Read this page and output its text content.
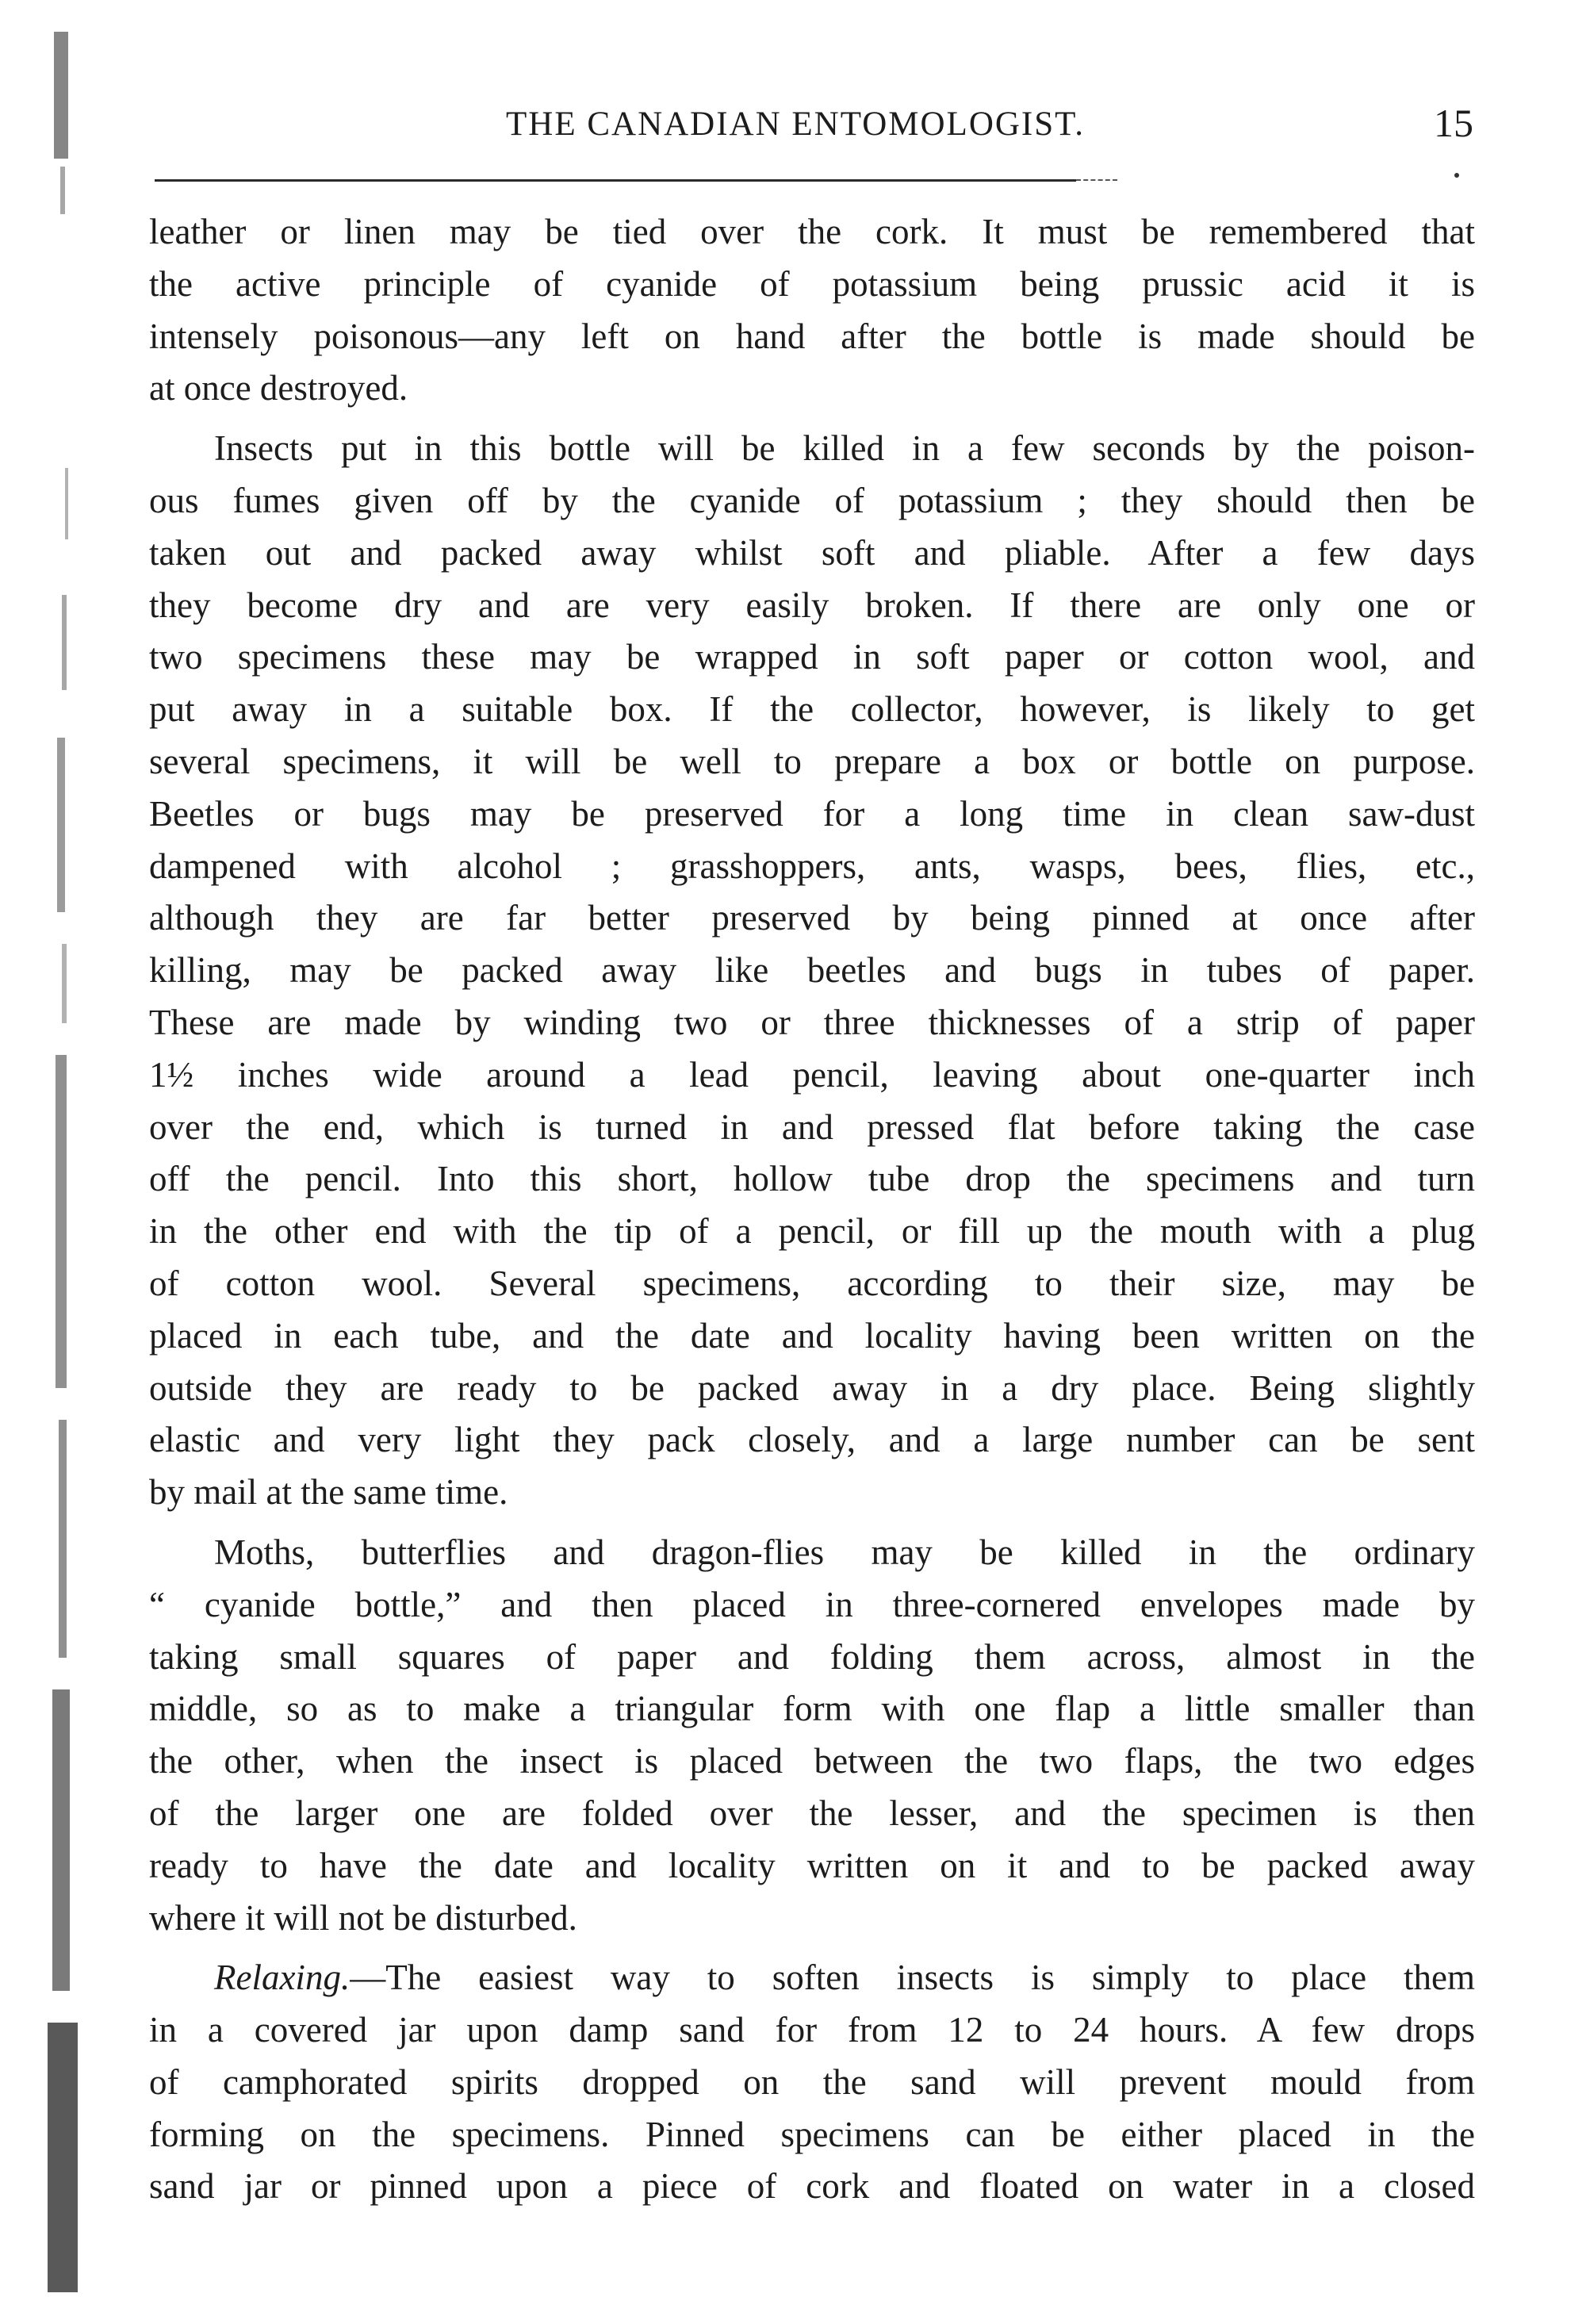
THE CANADIAN ENTOMOLOGIST.	15
leather or linen may be tied over the cork. It must be remembered that
the active principle of cyanide of potassium being prussic acid it is
intensely poisonous—any left on hand after the bottle is made should be
at once destroyed.
Insects put in this bottle will be killed in a few seconds by the poison-
ous fumes given off by the cyanide of potassium ; they should then be
taken out and packed away whilst soft and pliable. After a few days
they become dry and are very easily broken. If there are only one or
two specimens these may be wrapped in soft paper or cotton wool, and
put away in a suitable box. If the collector, however, is likely to get
several specimens, it will be well to prepare a box or bottle on purpose.
Beetles or bugs may be preserved for a long time in clean saw-dust
dampened with alcohol ; grasshoppers, ants, wasps, bees, flies, etc.,
although they are far better preserved by being pinned at once after
killing, may be packed away like beetles and bugs in tubes of paper.
These are made by winding two or three thicknesses of a strip of paper
1½ inches wide around a lead pencil, leaving about one-quarter inch
over the end, which is turned in and pressed flat before taking the case
off the pencil. Into this short, hollow tube drop the specimens and turn
in the other end with the tip of a pencil, or fill up the mouth with a plug
of cotton wool. Several specimens, according to their size, may be
placed in each tube, and the date and locality having been written on the
outside they are ready to be packed away in a dry place. Being slightly
elastic and very light they pack closely, and a large number can be sent
by mail at the same time.
Moths, butterflies and dragon-flies may be killed in the ordinary
“ cyanide bottle,” and then placed in three-cornered envelopes made by
taking small squares of paper and folding them across, almost in the
middle, so as to make a triangular form with one flap a little smaller than
the other, when the insect is placed between the two flaps, the two edges
of the larger one are folded over the lesser, and the specimen is then
ready to have the date and locality written on it and to be packed away
where it will not be disturbed.
Relaxing.—The easiest way to soften insects is simply to place them
in a covered jar upon damp sand for from 12 to 24 hours. A few drops
of camphorated spirits dropped on the sand will prevent mould from
forming on the specimens. Pinned specimens can be either placed in the
sand jar or pinned upon a piece of cork and floated on water in a closed
